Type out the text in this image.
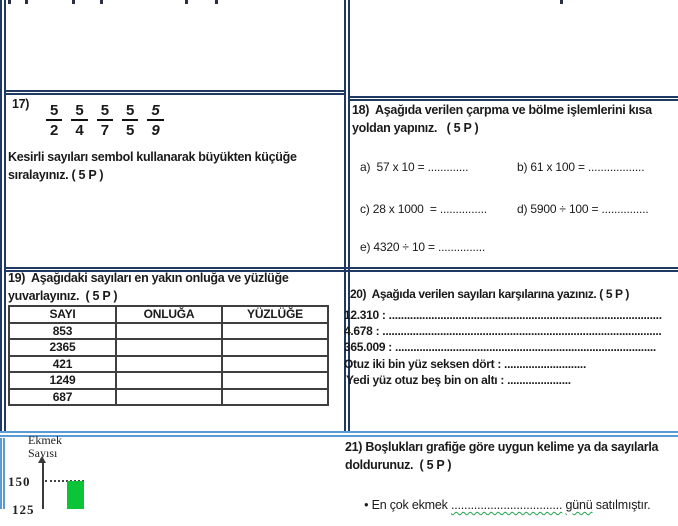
$17) \frac{5}{2} \frac{5}{4} \frac{5}{7} \frac{5}{5} \frac{5}{9}$
Kesirli sayıları sembol kullanarak büyükten küçüğe
sıralayınız. ( 5 P )
18)  Aşağıda verilen çarpma ve bölme işlemlerini kısa
yoldan yapınız.   ( 5 P )
a)  57 x 10 = .............	b) 61 x 100 = ..................
c) 28 x 1000  = ...............	d) 5900 ÷ 100 = ...............
e) 4320 ÷ 10 = ...............
19)  Aşağıdaki sayıları en yakın onluğa ve yüzlüğe
yuvarlayınız.  ( 5 P )
SAYI	ONLUĞA	YÜZLÜĞE
853		
2365		
421		
1249		
687		
20)  Aşağıda verilen sayıları karşılarına yazınız. ( 5 P )
12.310 : ..........................................................................................
4.678 : ............................................................................................
365.009 : ......................................................................................
Otuz iki bin yüz seksen dört : ...........................
Yedi yüz otuz beş bin on altı : .....................
21) Boşlukları grafiğe göre uygun kelime ya da sayılarla
doldurunuz.  ( 5 P )

• En çok ekmek .................................. günü satılmıştır.

Ekmek
Sayısı
150
125
